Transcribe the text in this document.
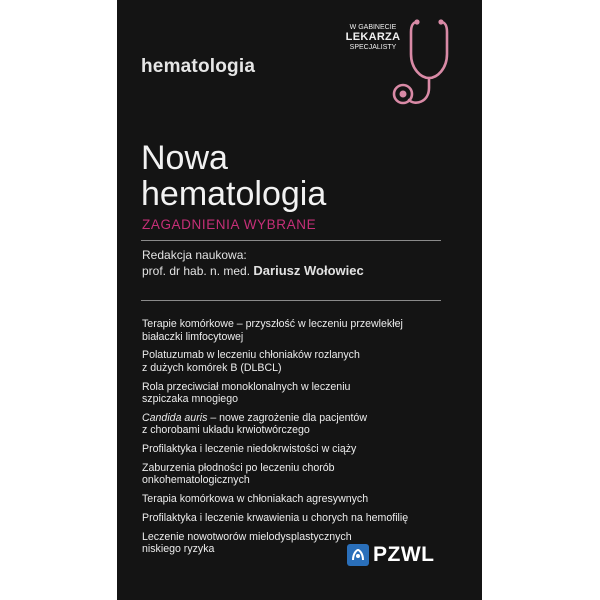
hematologia
W GABINECIE
LEKARZA
SPECJALISTY
Nowa
hematologia
ZAGADNIENIA WYBRANE
Redakcja naukowa:
prof. dr hab. n. med. Dariusz Wołowiec
Terapie komórkowe – przyszłość w leczeniu przewlekłej
białaczki limfocytowej
Polatuzumab w leczeniu chłoniaków rozlanych
z dużych komórek B (DLBCL)
Rola przeciwciał monoklonalnych w leczeniu
szpiczaka mnogiego
Candida auris – nowe zagrożenie dla pacjentów
z chorobami układu krwiotwórczego
Profilaktyka i leczenie niedokrwistości w ciąży
Zaburzenia płodności po leczeniu chorób
onkohematologicznych
Terapia komórkowa w chłoniakach agresywnych
Profilaktyka i leczenie krwawienia u chorych na hemofilię
Leczenie nowotworów mielodysplastycznych
niskiego ryzyka	PZWL
